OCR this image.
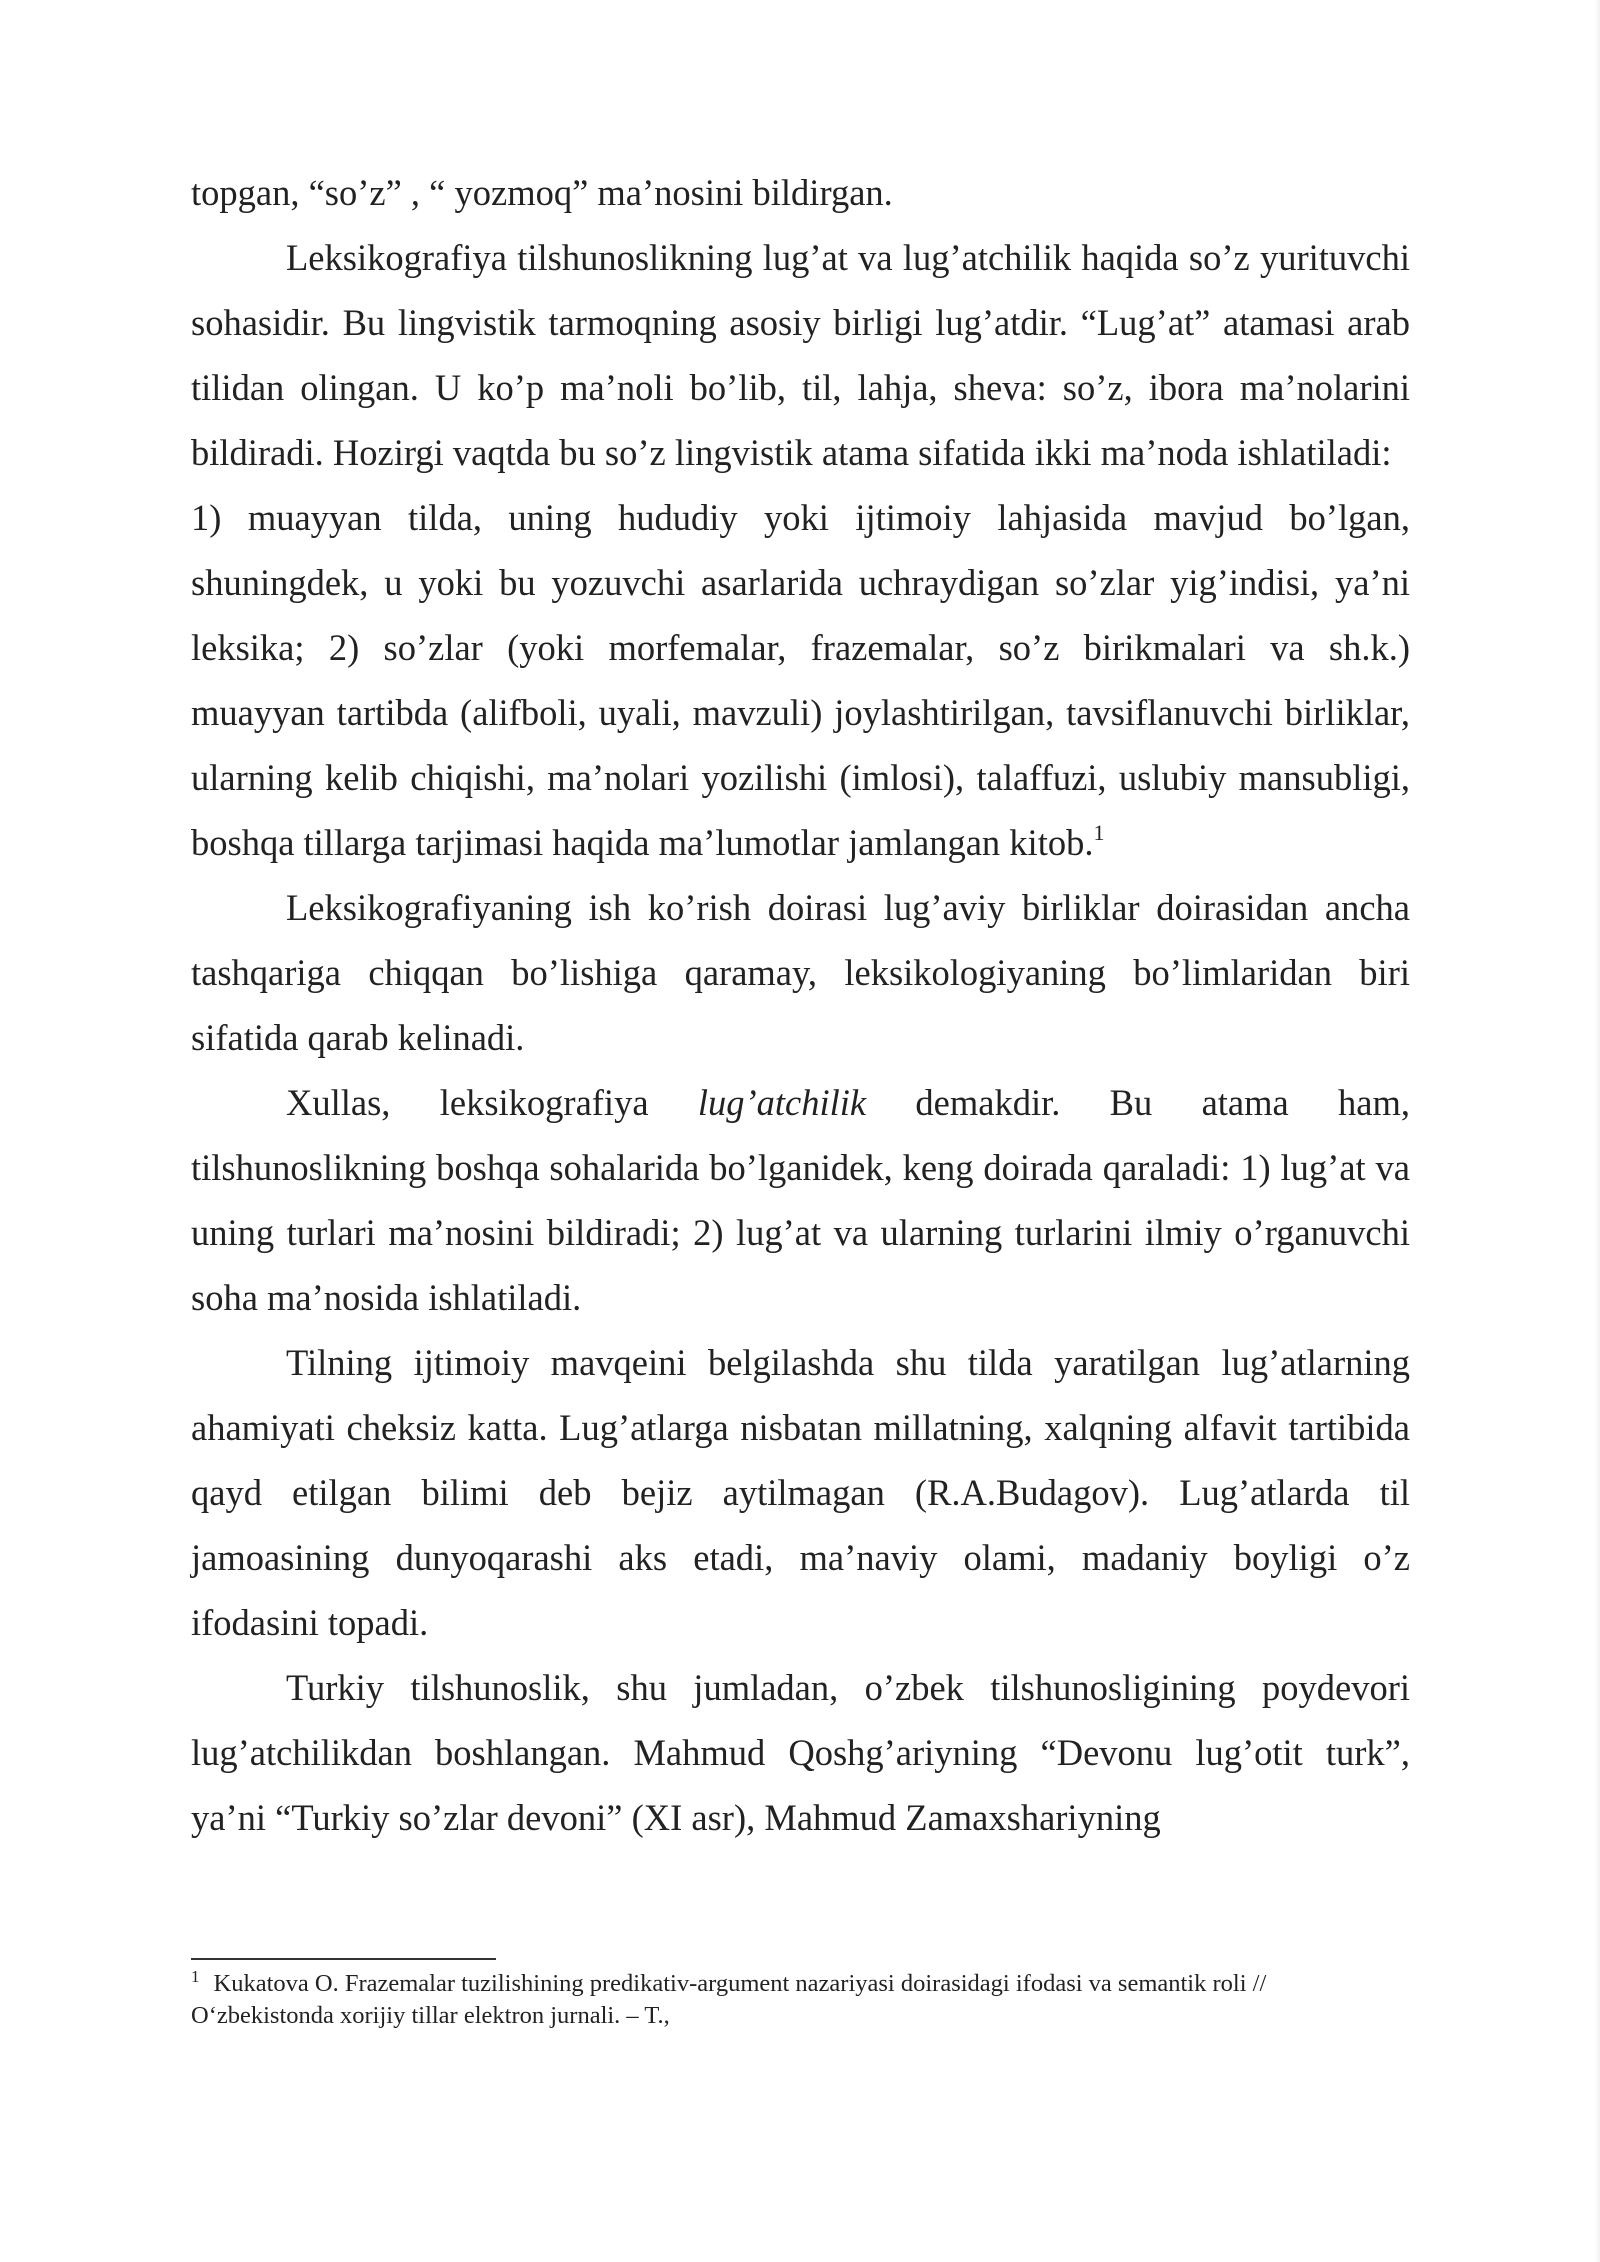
topgan, “so’z” , “ yozmoq” ma’nosini bildirgan.

Leksikografiya tilshunoslikning lug’at va lug’atchilik haqida so’z yurituvchi sohasidir. Bu lingvistik tarmoqning asosiy birligi lug’atdir. “Lug’at” atamasi arab tilidan olingan. U ko’p ma’noli bo’lib, til, lahja, sheva: so’z, ibora ma’nolarini bildiradi. Hozirgi vaqtda bu so’z lingvistik atama sifatida ikki ma’noda ishlatiladi:

1) muayyan tilda, uning hududiy yoki ijtimoiy lahjasida mavjud bo’lgan, shuningdek, u yoki bu yozuvchi asarlarida uchraydigan so’zlar yig’indisi, ya’ni leksika; 2) so’zlar (yoki morfemalar, frazemalar, so’z birikmalari va sh.k.) muayyan tartibda (alifboli, uyali, mavzuli) joylashtirilgan, tavsiflanuvchi birliklar, ularning kelib chiqishi, ma’nolari yozilishi (imlosi), talaffuzi, uslubiy mansubligi, boshqa tillarga tarjimasi haqida ma’lumotlar jamlangan kitob.$^1$

Leksikografiyaning ish ko’rish doirasi lug’aviy birliklar doirasidan ancha tashqariga chiqqan bo’lishiga qaramay, leksikologiyaning bo’limlaridan biri sifatida qarab kelinadi.

Xullas, leksikografiya lug’atchilik demakdir. Bu atama ham, tilshunoslikning boshqa sohalarida bo’lganidek, keng doirada qaraladi: 1) lug’at va uning turlari ma’nosini bildiradi; 2) lug’at va ularning turlarini ilmiy o’rganuvchi soha ma’nosida ishlatiladi.

Tilning ijtimoiy mavqeini belgilashda shu tilda yaratilgan lug’atlarning ahamiyati cheksiz katta. Lug’atlarga nisbatan millatning, xalqning alfavit tartibida qayd etilgan bilimi deb bejiz aytilmagan (R.A.Budagov). Lug’atlarda til jamoasining dunyoqarashi aks etadi, ma’naviy olami, madaniy boyligi o’z ifodasini topadi.

Turkiy tilshunoslik, shu jumladan, o’zbek tilshunosligining poydevori lug’atchilikdan boshlangan. Mahmud Qoshg’ariyning “Devonu lug’otit turk”, ya’ni “Turkiy so’zlar devoni” (XI asr), Mahmud Zamaxshariyning

$^1$ Kukatova O. Frazemalar tuzilishining predikativ-argument nazariyasi doirasidagi ifodasi va semantik roli //
O‘zbekistonda xorijiy tillar elektron jurnali. – T.,
